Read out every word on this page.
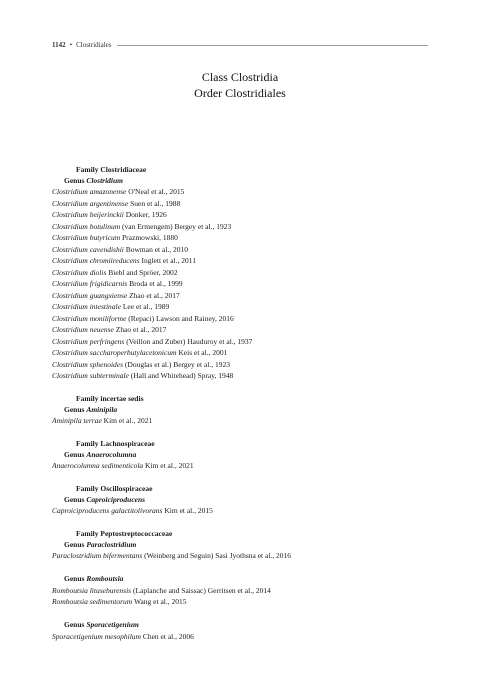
1142 • Clostridiales
Class Clostridia
Order Clostridiales
Family Clostridiaceae
Genus Clostridium
Clostridium amazonense O'Neal et al., 2015
Clostridium argentinense Suen et al., 1988
Clostridium beijerinckii Donker, 1926
Clostridium botulinum (van Ermengem) Bergey et al., 1923
Clostridium butyricum Prazmowski, 1880
Clostridium cavendishii Bowman et al., 2010
Clostridium chromiireducens Inglett et al., 2011
Clostridium diolis Biebl and Spröer, 2002
Clostridium frigidicarnis Broda et al., 1999
Clostridium guangxiense Zhao et al., 2017
Clostridium intestinale Lee et al., 1989
Clostridium moniliforme (Repaci) Lawson and Rainey, 2016
Clostridium neuense Zhao et al., 2017
Clostridium perfringens (Veillon and Zuber) Hauduroy et al., 1937
Clostridium saccharoperbutylacetonicum Keis et al., 2001
Clostridium sphenoides (Douglas et al.) Bergey et al., 1923
Clostridium subterminale (Hall and Whitehead) Spray, 1948
Family incertae sedis
Genus Aminipila
Aminipila terrae Kim et al., 2021
Family Lachnospiraceae
Genus Anaerocolumna
Anaerocolumna sedimenticola Kim et al., 2021
Family Oscillospiraceae
Genus Caproiciproducens
Caproiciproducens galactitolivorans Kim et al., 2015
Family Peptostreptococcaceae
Genus Paraclostridium
Paraclostridium bifermentans (Weinberg and Seguin) Sasi Jyothsna et al., 2016
Genus Romboutsia
Romboutsia lituseburensis (Laplanche and Saissac) Gerritsen et al., 2014
Romboutsia sedimentorum Wang et al., 2015
Genus Sporacetigenium
Sporacetigenium mesophilum Chen et al., 2006
